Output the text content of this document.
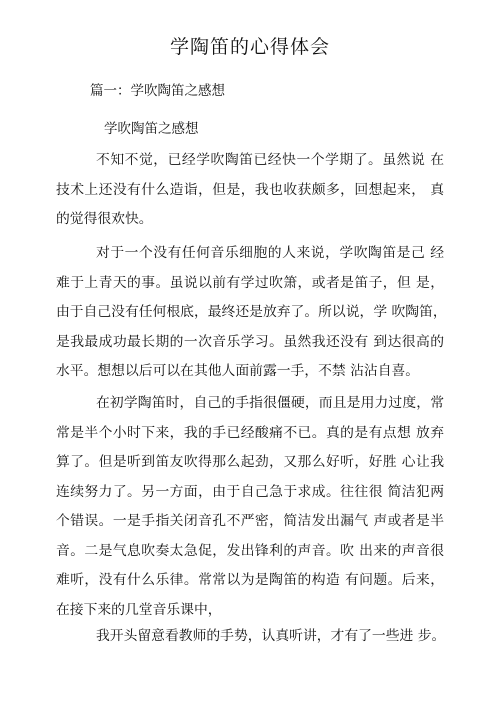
学陶笛的心得体会
篇一：学吹陶笛之感想
学吹陶笛之感想
不知不觉，已经学吹陶笛已经快一个学期了。虽然说 在
技术上还没有什么造诣，但是，我也收获颇多，回想起来， 真
的觉得很欢快。
对于一个没有任何音乐细胞的人来说，学吹陶笛是己 经
难于上青天的事。虽说以前有学过吹箫，或者是笛子，但 是，
由于自己没有任何根底，最终还是放弃了。所以说，学 吹陶笛，
是我最成功最长期的一次音乐学习。虽然我还没有 到达很高的
水平。想想以后可以在其他人面前露一手，不禁 沾沾自喜。
在初学陶笛时，自己的手指很僵硬，而且是用力过度，常
常是半个小时下来，我的手已经酸痛不已。真的是有点想 放弃
算了。但是听到笛友吹得那么起劲，又那么好听，好胜 心让我
连续努力了。另一方面，由于自己急于求成。往往很 简洁犯两
个错误。一是手指关闭音孔不严密，简洁发出漏气 声或者是半
音。二是气息吹奏太急促，发出锋利的声音。吹 出来的声音很
难听，没有什么乐律。常常以为是陶笛的构造 有问题。后来，
在接下来的几堂音乐课中，
我开头留意看教师的手势，认真听讲，才有了一些进 步。
